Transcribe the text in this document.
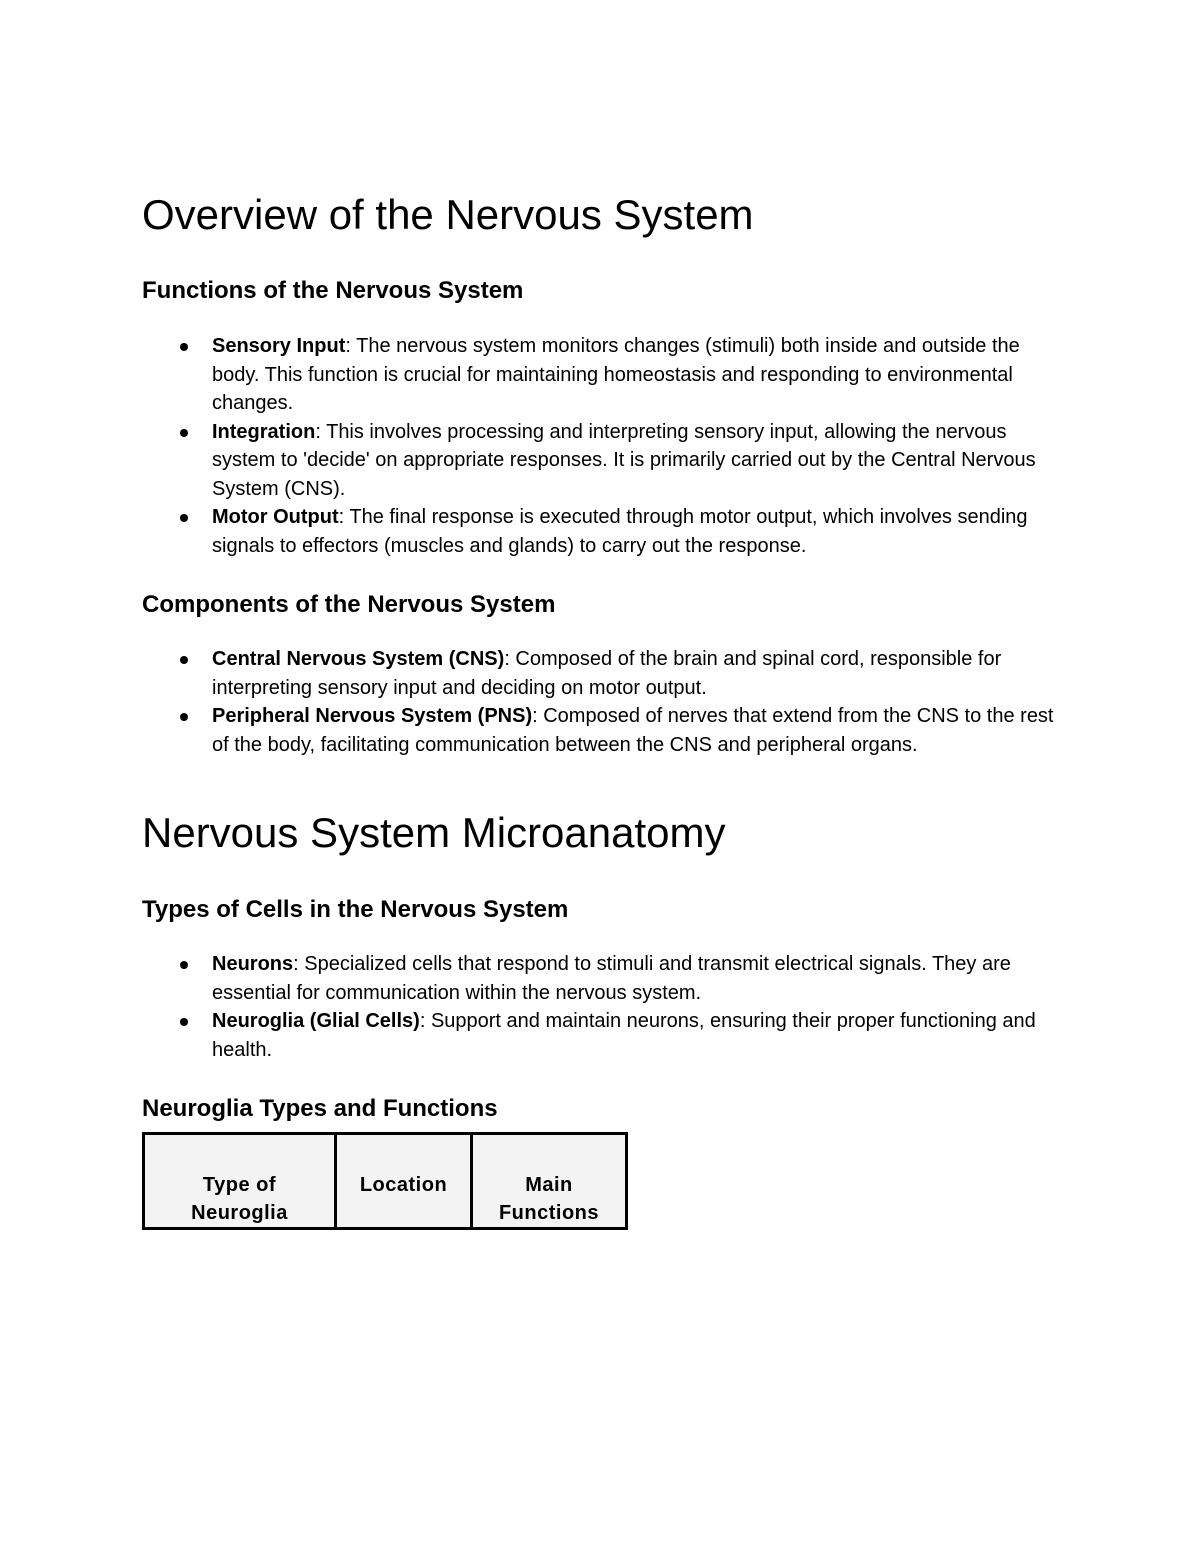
Overview of the Nervous System
Functions of the Nervous System
Sensory Input: The nervous system monitors changes (stimuli) both inside and outside the body. This function is crucial for maintaining homeostasis and responding to environmental changes.
Integration: This involves processing and interpreting sensory input, allowing the nervous system to 'decide' on appropriate responses. It is primarily carried out by the Central Nervous System (CNS).
Motor Output: The final response is executed through motor output, which involves sending signals to effectors (muscles and glands) to carry out the response.
Components of the Nervous System
Central Nervous System (CNS): Composed of the brain and spinal cord, responsible for interpreting sensory input and deciding on motor output.
Peripheral Nervous System (PNS): Composed of nerves that extend from the CNS to the rest of the body, facilitating communication between the CNS and peripheral organs.
Nervous System Microanatomy
Types of Cells in the Nervous System
Neurons: Specialized cells that respond to stimuli and transmit electrical signals. They are essential for communication within the nervous system.
Neuroglia (Glial Cells): Support and maintain neurons, ensuring their proper functioning and health.
Neuroglia Types and Functions
Type of Neuroglia	Location	Main Functions
